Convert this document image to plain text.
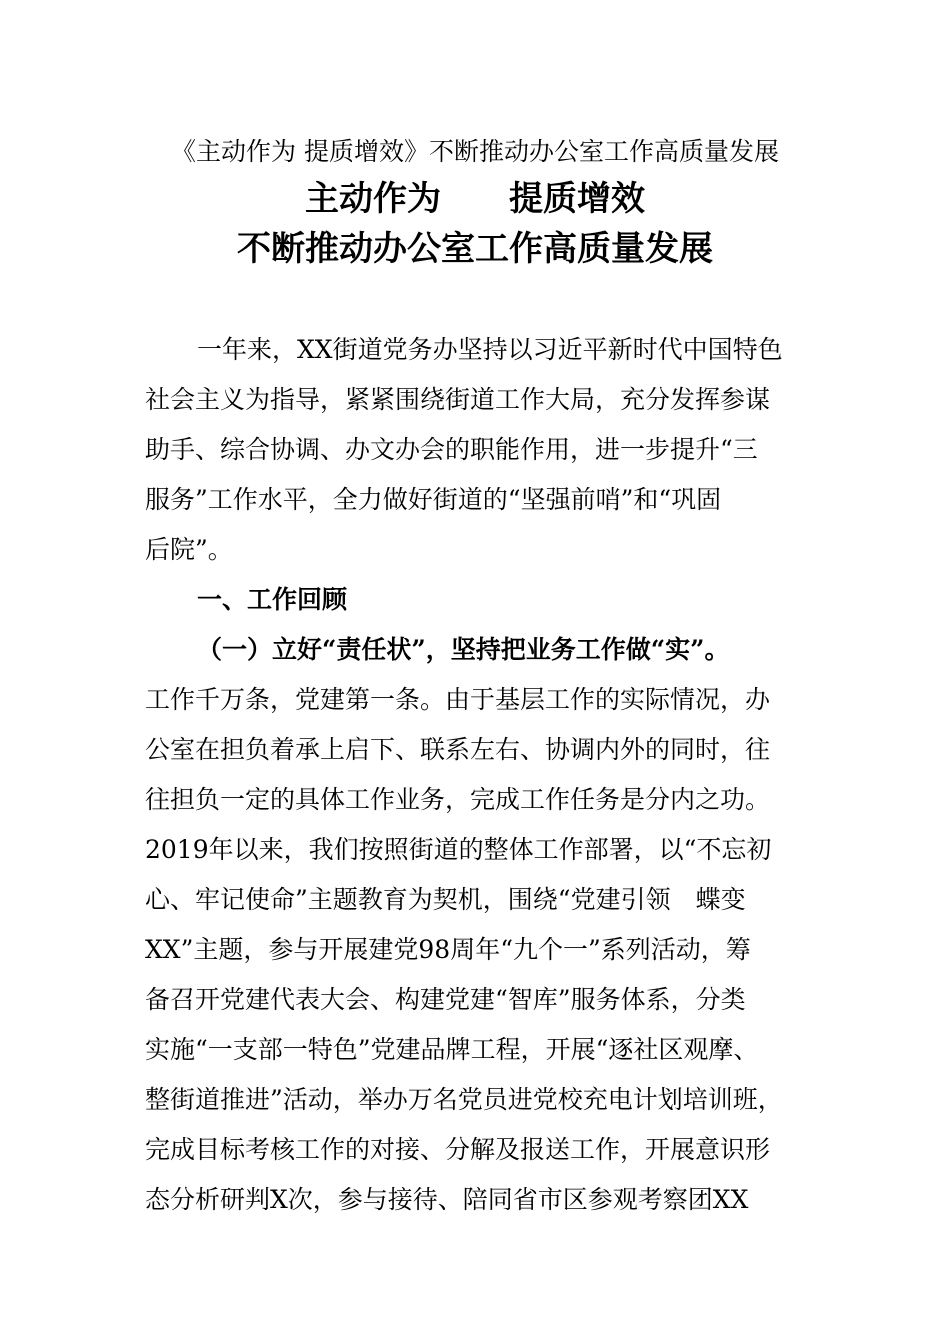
《主动作为 提质增效》不断推动办公室工作高质量发展
主动作为　　提质增效
不断推动办公室工作高质量发展
一年来，XX街道党务办坚持以习近平新时代中国特色
社会主义为指导，紧紧围绕街道工作大局，充分发挥参谋
助手、综合协调、办文办会的职能作用，进一步提升“三
服务”工作水平，全力做好街道的“坚强前哨”和“巩固
后院”。
一、工作回顾
（一）立好“责任状”，坚持把业务工作做“实”。
工作千万条，党建第一条。由于基层工作的实际情况，办
公室在担负着承上启下、联系左右、协调内外的同时，往
往担负一定的具体工作业务，完成工作任务是分内之功。
2019年以来，我们按照街道的整体工作部署，以“不忘初
心、牢记使命”主题教育为契机，围绕“党建引领　蝶变
XX”主题，参与开展建党98周年“九个一”系列活动，筹
备召开党建代表大会、构建党建“智库”服务体系，分类
实施“一支部一特色”党建品牌工程，开展“逐社区观摩、
整街道推进”活动，举办万名党员进党校充电计划培训班，
完成目标考核工作的对接、分解及报送工作，开展意识形
态分析研判X次，参与接待、陪同省市区参观考察团XX
